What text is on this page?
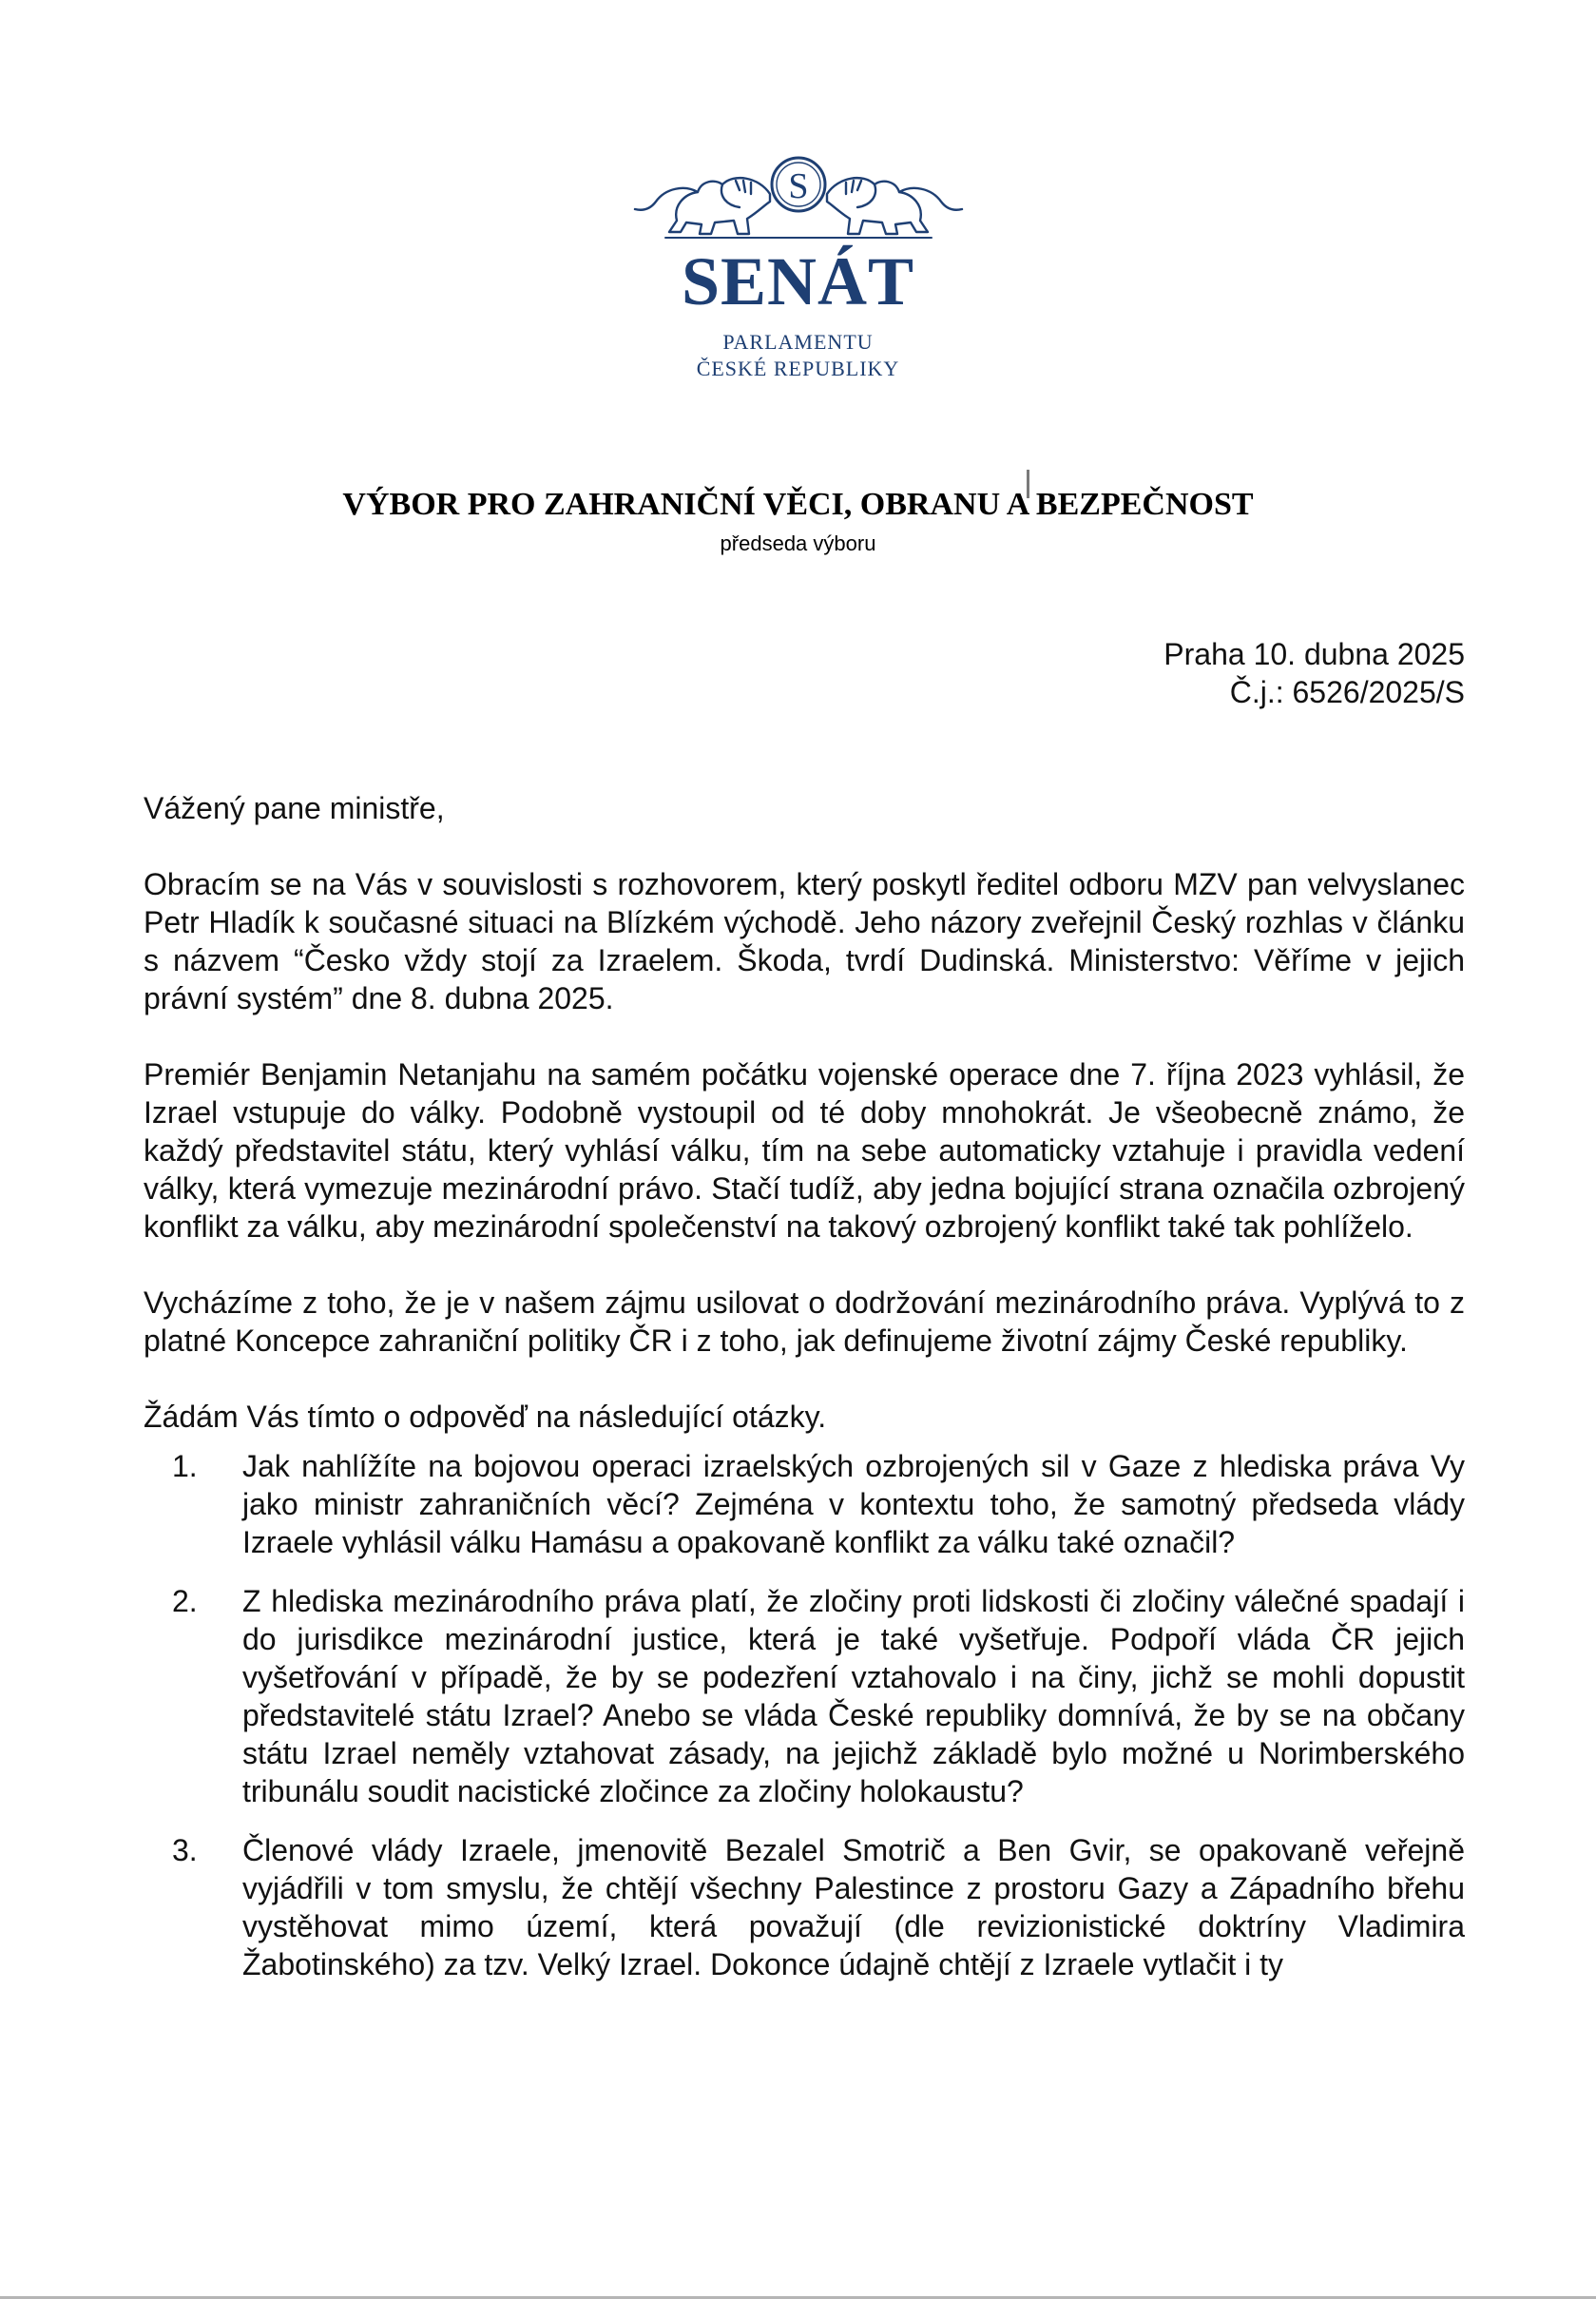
S
SENÁT
PARLAMENTU
ČESKÉ REPUBLIKY
VÝBOR PRO ZAHRANIČNÍ VĚCI, OBRANU A BEZPEČNOST
předseda výboru
Praha 10. dubna 2025
Č.j.: 6526/2025/S

Vážený pane ministře,

Obracím se na Vás v souvislosti s rozhovorem, který poskytl ředitel odboru MZV pan velvyslanec Petr Hladík k současné situaci na Blízkém východě. Jeho názory zveřejnil Český rozhlas v článku s názvem “Česko vždy stojí za Izraelem. Škoda, tvrdí Dudinská. Ministerstvo: Věříme v jejich právní systém” dne 8. dubna 2025.

Premiér Benjamin Netanjahu na samém počátku vojenské operace dne 7. října 2023 vyhlásil, že Izrael vstupuje do války. Podobně vystoupil od té doby mnohokrát. Je všeobecně známo, že každý představitel státu, který vyhlásí válku, tím na sebe automaticky vztahuje i pravidla vedení války, která vymezuje mezinárodní právo. Stačí tudíž, aby jedna bojující strana označila ozbrojený konflikt za válku, aby mezinárodní společenství na takový ozbrojený konflikt také tak pohlíželo.

Vycházíme z toho, že je v našem zájmu usilovat o dodržování mezinárodního práva. Vyplývá to z platné Koncepce zahraniční politiky ČR i z toho, jak definujeme životní zájmy České republiky.

Žádám Vás tímto o odpověď na následující otázky.

1. Jak nahlížíte na bojovou operaci izraelských ozbrojených sil v Gaze z hlediska práva Vy jako ministr zahraničních věcí? Zejména v kontextu toho, že samotný předseda vlády Izraele vyhlásil válku Hamásu a opakovaně konflikt za válku také označil?
2. Z hlediska mezinárodního práva platí, že zločiny proti lidskosti či zločiny válečné spadají i do jurisdikce mezinárodní justice, která je také vyšetřuje. Podpoří vláda ČR jejich vyšetřování v případě, že by se podezření vztahovalo i na činy, jichž se mohli dopustit představitelé státu Izrael? Anebo se vláda České republiky domnívá, že by se na občany státu Izrael neměly vztahovat zásady, na jejichž základě bylo možné u Norimberského tribunálu soudit nacistické zločince za zločiny holokaustu?
3. Členové vlády Izraele, jmenovitě Bezalel Smotrič a Ben Gvir, se opakovaně veřejně vyjádřili v tom smyslu, že chtějí všechny Palestince z prostoru Gazy a Západního břehu vystěhovat mimo území, která považují (dle revizionistické doktríny Vladimira Žabotinského) za tzv. Velký Izrael. Dokonce údajně chtějí z Izraele vytlačit i ty
